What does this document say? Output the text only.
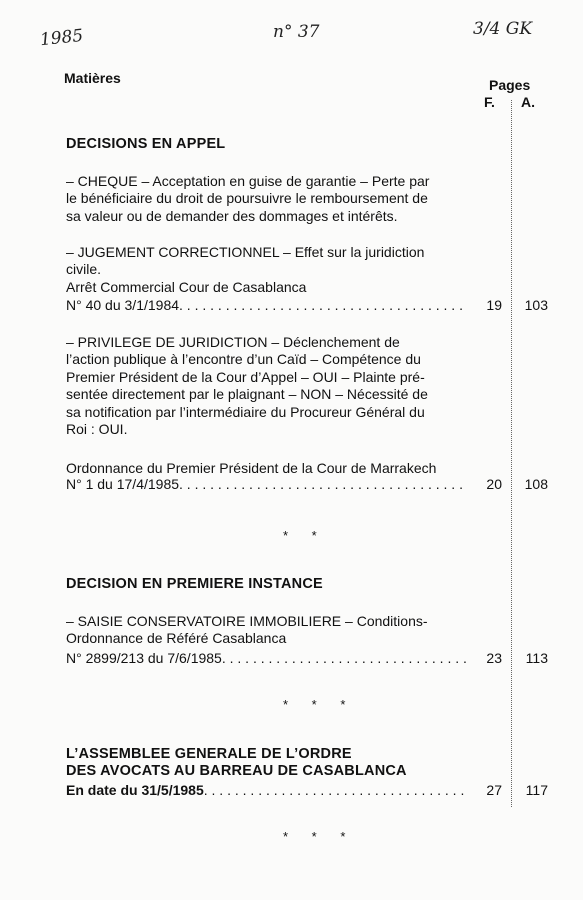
1985	n° 37	3/4 GK
Matières	Pages
F. A.
DECISIONS EN APPEL
– CHEQUE – Acceptation en guise de garantie – Perte par
le bénéficiaire du droit de poursuivre le remboursement de
sa valeur ou de demander des dommages et intérêts.
– JUGEMENT CORRECTIONNEL – Effet sur la juridiction
civile.
Arrêt Commercial Cour de Casablanca
N° 40 du 3/1/1984 . . .	19	103
– PRIVILEGE DE JURIDICTION – Déclenchement de
l’action publique à l’encontre d’un Caïd – Compétence du
Premier Président de la Cour d’Appel – OUI – Plainte pré-
sentée directement par le plaignant – NON – Nécessité de
sa notification par l’intermédiaire du Procureur Général du
Roi : OUI.
Ordonnance du Premier Président de la Cour de Marrakech
N° 1 du 17/4/1985 . . .	20	108
* *
DECISION EN PREMIERE INSTANCE
– SAISIE CONSERVATOIRE IMMOBILIERE – Conditions-
Ordonnance de Référé Casablanca
N° 2899/213 du 7/6/1985 . . .	23	113
* * *
L’ASSEMBLEE GENERALE DE L’ORDRE
DES AVOCATS AU BARREAU DE CASABLANCA
En date du 31/5/1985 . . .	27	117
* * *
